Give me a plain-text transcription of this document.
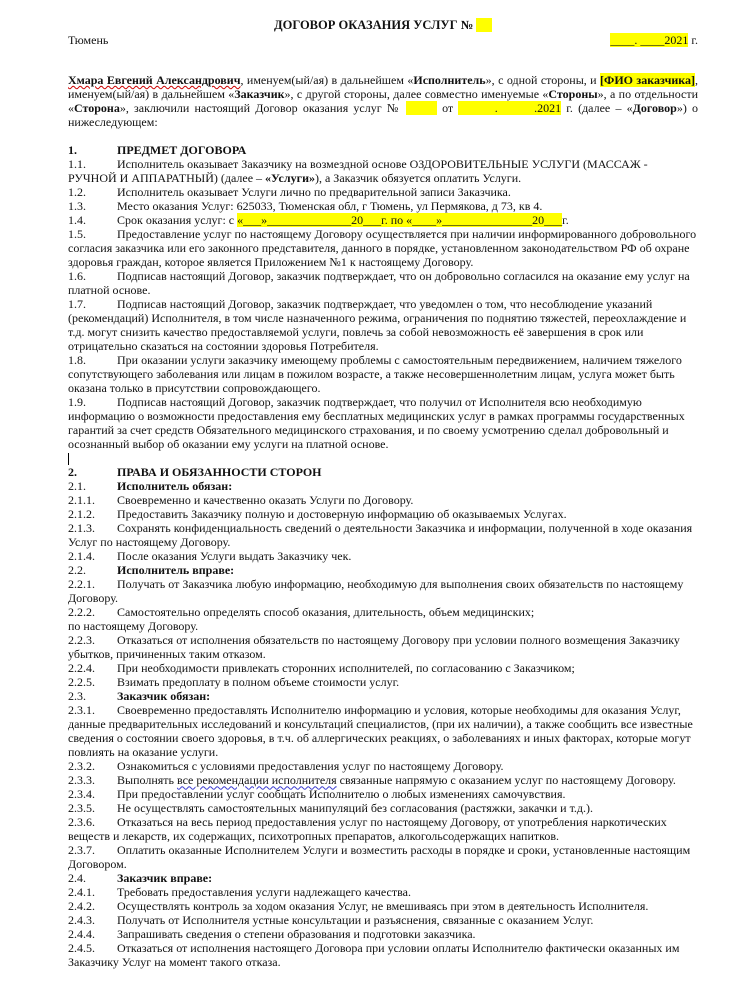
ДОГОВОР ОКАЗАНИЯ УСЛУГ №

Тюмень	____. ____2021 г.

Хмара Евгений Александрович, именуем(ый/ая) в дальнейшем «Исполнитель», с одной стороны, и [ФИО заказчика], именуем(ый/ая) в дальнейшем «Заказчик», с другой стороны, далее совместно именуемые «Стороны», а по отдельности «Сторона», заключили настоящий Договор оказания услуг №	от        .       .2021 г. (далее – «Договор») о нижеследующем:

1.	ПРЕДМЕТ ДОГОВОРА

1.1.	Исполнитель оказывает Заказчику на возмездной основе ОЗДОРОВИТЕЛЬНЫЕ УСЛУГИ (МАССАЖ - РУЧНОЙ И АППАРАТНЫЙ) (далее – «Услуги»), а Заказчик обязуется оплатить Услуги.

1.2.	Исполнитель оказывает Услуги лично по предварительной записи Заказчика.

1.3.	Место оказания Услуг: 625033, Тюменская обл, г Тюмень, ул Пермякова, д 73, кв 4.

1.4.	Срок оказания услуг: с «___»______________20___г. по «____»_______________20___г.

1.5.	Предоставление услуг по настоящему Договору осуществляется при наличии информированного добровольного согласия заказчика или его законного представителя, данного в порядке, установленном законодательством РФ об охране здоровья граждан, которое является Приложением №1 к настоящему Договору.

1.6.	Подписав настоящий Договор, заказчик подтверждает, что он добровольно согласился на оказание ему услуг на платной основе.

1.7.	Подписав настоящий Договор, заказчик подтверждает, что уведомлен о том, что несоблюдение указаний (рекомендаций) Исполнителя, в том числе назначенного режима, ограничения по поднятию тяжестей, переохлаждение и т.д. могут снизить качество предоставляемой услуги, повлечь за собой невозможность её завершения в срок или отрицательно сказаться на состоянии здоровья Потребителя.

1.8.	При оказании услуги заказчику имеющему проблемы с самостоятельным передвижением, наличием тяжелого сопутствующего заболевания или лицам в пожилом возрасте, а также несовершеннолетним лицам, услуга может быть оказана только в присутствии сопровождающего.

1.9.	Подписав настоящий Договор, заказчик подтверждает, что получил от Исполнителя всю необходимую информацию о возможности предоставления ему бесплатных медицинских услуг в рамках программы государственных гарантий за счет средств Обязательного медицинского страхования, и по своему усмотрению сделал добровольный и осознанный выбор об оказании ему услуги на платной основе.

2.	ПРАВА И ОБЯЗАННОСТИ СТОРОН

2.1.	Исполнитель обязан:

2.1.1. Своевременно и качественно оказать Услуги по Договору.

2.1.2. Предоставить Заказчику полную и достоверную информацию об оказываемых Услугах.

2.1.3. Сохранять конфиденциальность сведений о деятельности Заказчика и информации, полученной в ходе оказания Услуг по настоящему Договору.

2.1.4. После оказания Услуги выдать Заказчику чек.

2.2.	Исполнитель вправе:

2.2.1. Получать от Заказчика любую информацию, необходимую для выполнения своих обязательств по настоящему Договору.

2.2.2. Самостоятельно определять способ оказания, длительность, объем медицинских;

по настоящему Договору.

2.2.3. Отказаться от исполнения обязательств по настоящему Договору при условии полного возмещения Заказчику убытков, причиненных таким отказом.

2.2.4. При необходимости привлекать сторонних исполнителей, по согласованию с Заказчиком;

2.2.5. Взимать предоплату в полном объеме стоимости услуг.

2.3.	Заказчик обязан:

2.3.1. Своевременно предоставлять Исполнителю информацию и условия, которые необходимы для оказания Услуг, данные предварительных исследований и консультаций специалистов, (при их наличии), а также сообщить все известные сведения о состоянии своего здоровья, в т.ч. об аллергических реакциях, о заболеваниях и иных факторах, которые могут повлиять на оказание услуги.

2.3.2. Ознакомиться с условиями предоставления услуг по настоящему Договору.

2.3.3. Выполнять все рекомендации исполнителя связанные напрямую с оказанием услуг по настоящему Договору.

2.3.4. При предоставлении услуг сообщать Исполнителю о любых изменениях самочувствия.

2.3.5. Не осуществлять самостоятельных манипуляций без согласования (растяжки, закачки и т.д.).

2.3.6. Отказаться на весь период предоставления услуг по настоящему Договору, от употребления наркотических веществ и лекарств, их содержащих, психотропных препаратов, алкогольсодержащих напитков.

2.3.7. Оплатить оказанные Исполнителем Услуги и возместить расходы в порядке и сроки, установленные настоящим Договором.

2.4.	Заказчик вправе:

2.4.1. Требовать предоставления услуги надлежащего качества.

2.4.2. Осуществлять контроль за ходом оказания Услуг, не вмешиваясь при этом в деятельность Исполнителя.

2.4.3. Получать от Исполнителя устные консультации и разъяснения, связанные с оказанием Услуг.

2.4.4. Запрашивать сведения о степени образования и подготовки заказчика.

2.4.5. Отказаться от исполнения настоящего Договора при условии оплаты Исполнителю фактически оказанных им Заказчику Услуг на момент такого отказа.
